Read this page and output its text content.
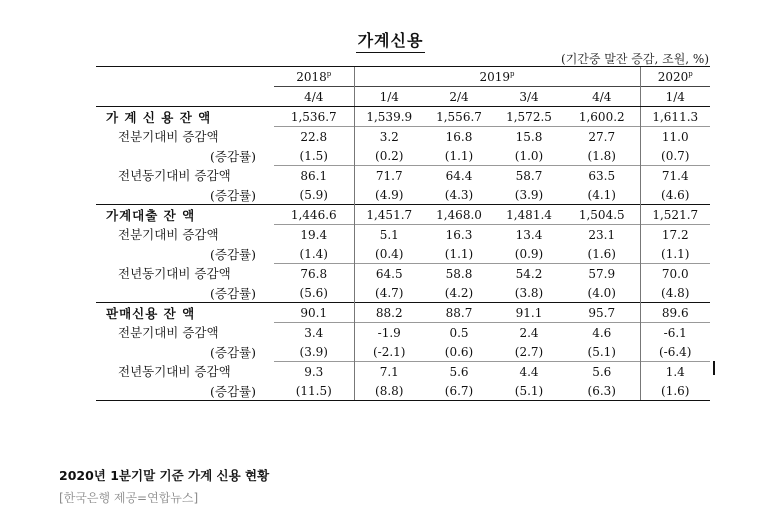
가계신용
(기간중 말잔 증감, 조원, %)
	2018$^p$	2019$^p$				2020$^p$
	4/4	1/4	2/4	3/4	4/4	1/4
가 계 신 용 잔 액	1,536.7	1,539.9	1,556.7	1,572.5	1,600.2	1,611.3
전분기대비 증감액	22.8	3.2	16.8	15.8	27.7	11.0
(증감률)	(1.5)	(0.2)	(1.1)	(1.0)	(1.8)	(0.7)
전년동기대비 증감액	86.1	71.7	64.4	58.7	63.5	71.4
(증감률)	(5.9)	(4.9)	(4.3)	(3.9)	(4.1)	(4.6)
가계대출 잔 액	1,446.6	1,451.7	1,468.0	1,481.4	1,504.5	1,521.7
전분기대비 증감액	19.4	5.1	16.3	13.4	23.1	17.2
(증감률)	(1.4)	(0.4)	(1.1)	(0.9)	(1.6)	(1.1)
전년동기대비 증감액	76.8	64.5	58.8	54.2	57.9	70.0
(증감률)	(5.6)	(4.7)	(4.2)	(3.8)	(4.0)	(4.8)
판매신용 잔 액	90.1	88.2	88.7	91.1	95.7	89.6
전분기대비 증감액	3.4	-1.9	0.5	2.4	4.6	-6.1
(증감률)	(3.9)	(-2.1)	(0.6)	(2.7)	(5.1)	(-6.4)
전년동기대비 증감액	9.3	7.1	5.6	4.4	5.6	1.4
(증감률)	(11.5)	(8.8)	(6.7)	(5.1)	(6.3)	(1.6)
2020년 1분기말 기준 가계 신용 현황
[한국은행 제공=연합뉴스]
